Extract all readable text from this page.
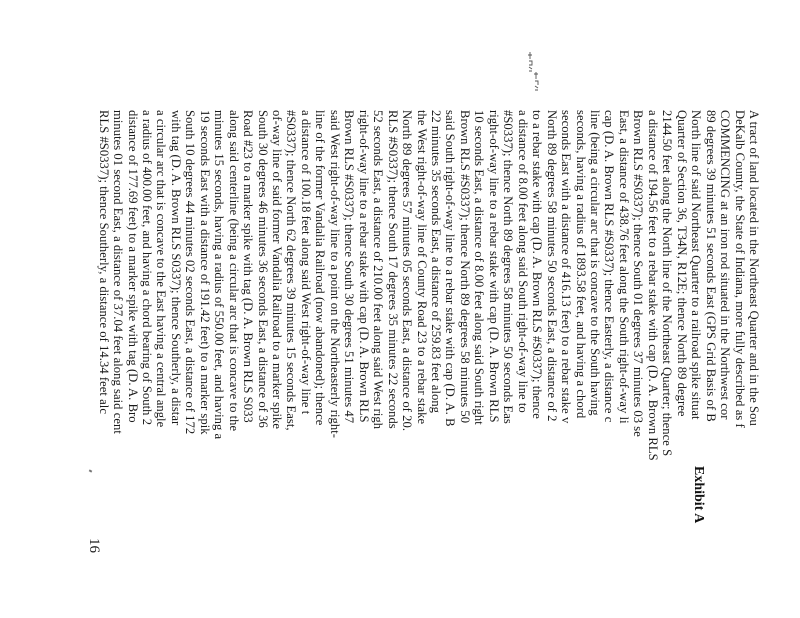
Exhibit A
A tract of land located in the Northeast Quarter and in the Sou
DeKalb County, the State of Indiana, more fully described as f
COMMENCING at an iron rod situated in the Northwest cor
89 degrees 39 minutes 51 seconds East (GPS Grid Basis of B
North line of said Northeast Quarter to a railroad spike situat
Quarter of Section 36, T34N, R12E; thence North 89 degree
2144.50 feet along the North line of the Northeast Quarter; thence S
a distance of 194.56 feet to a rebar stake with cap (D. A. Brown RLS
Brown RLS #S0337); thence South 01 degrees 37 minutes 03 se
East, a distance of 438.76 feet along the South right-of-way li
cap (D. A. Brown RLS #S0337); thence Easterly, a distance c
line (being a circular arc that is concave to the South having
seconds, having a radius of 1893.58 feet, and having a chord
seconds East with a distance of 416.13 feet) to a rebar stake v
North 89 degrees 58 minutes 50 seconds East, a distance of 2
to a rebar stake with cap (D. A. Brown RLS #S0337); thence
a distance of 8.00 feet along said South right-of-way line to
#S0337); thence North 89 degrees 58 minutes 50 seconds Eas
right-of-way line to a rebar stake with cap (D. A. Brown RLS
10 seconds East, a distance of 8.00 feet along said South right
Brown RLS #S0337); thence North 89 degrees 58 minutes 50
said South right-of-way line to a rebar stake with cap (D. A. B
22 minutes 35 seconds East, a distance of 259.83 feet along
the West right-of-way line of County Road 23 to a rebar stake
North 89 degrees 57 minutes 05 seconds East, a distance of 20.
RLS #S0337); thence South 17 degrees 35 minutes 22 seconds
52 seconds East, a distance of 210.00 feet along said West righ
right-of-way line to a rebar stake with cap (D. A. Brown RLS
Brown RLS #S0337); thence South 30 degrees 51 minutes 47
said West right-of-way line to a point on the Northeasterly right-
line of the former Vandalia Railroad (now abandoned); thence
a distance of 100.18 feet along said West right-of-way line t
#S0337); thence North 62 degrees 39 minutes 15 seconds East,
of-way line of said former Vandalia Railroad to a marker spike
South 30 degrees 46 minutes 36 seconds East, a distance of 36
Road #23 to a marker spike with tag (D. A. Brown RLS S033
along said centerline (being a circular arc that is concave to the
minutes 15 seconds, having a radius of 550.00 feet, and having a
19 seconds East with a distance of 191.42 feet) to a marker spik
South 10 degrees 44 minutes 02 seconds East, a distance of 172
with tag (D. A. Brown RLS S0337); thence Southerly, a distar
a circular arc that is concave to the East having a central angle
a radius of 400.00 feet, and having a chord bearing of South 2
distance of 177.69 feet) to a marker spike with tag (D. A. Bro
minutes 01 second East, a distance of 37.04 feet along said cent
RLS #S0337); thence Southerly, a distance of 14.34 feet alc
16
